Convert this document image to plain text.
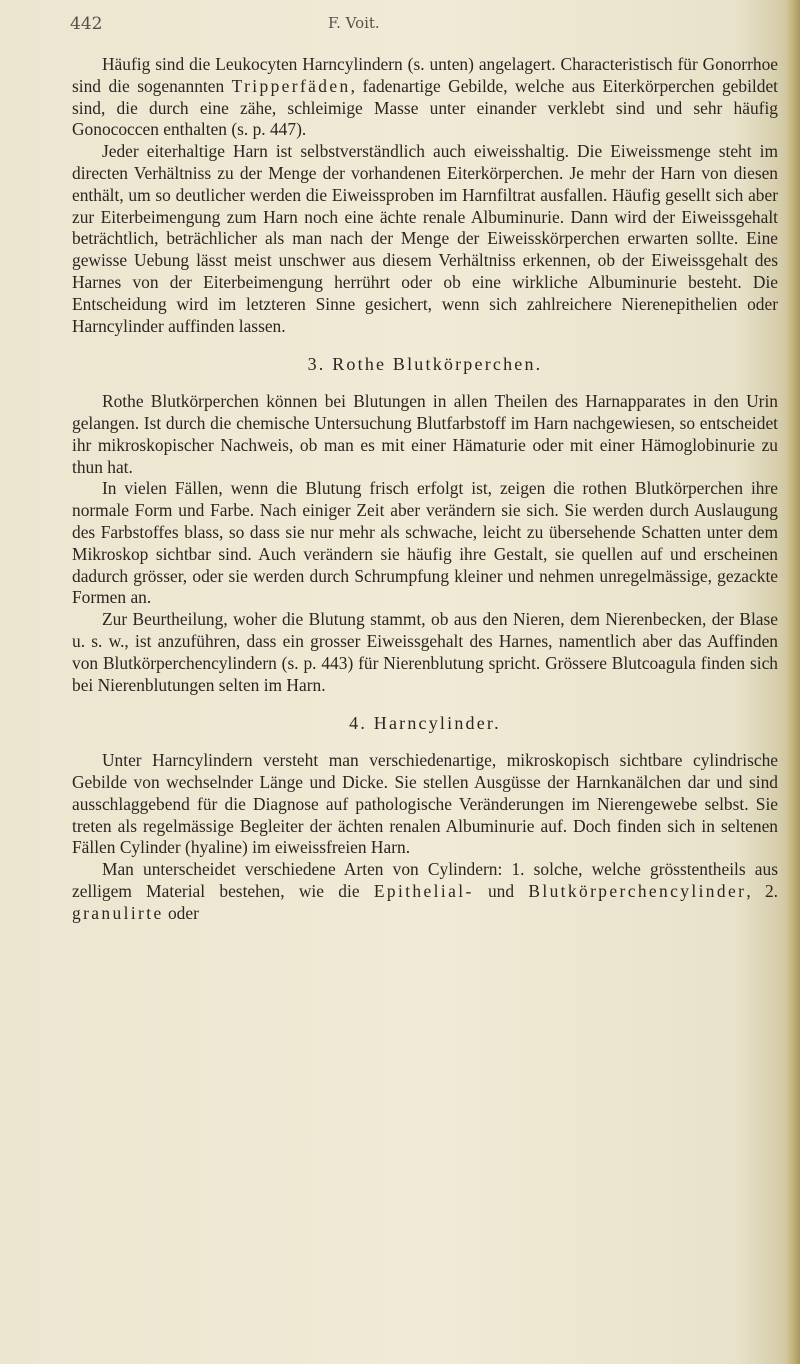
442	F. Voit.

Häufig sind die Leukocyten Harncylindern (s. unten) angelagert. Characteristisch für Gonorrhoe sind die sogenannten Tripperfäden, fadenartige Gebilde, welche aus Eiterkörperchen gebildet sind, die durch eine zähe, schleimige Masse unter einander verklebt sind und sehr häufig Gonococcen enthalten (s. p. 447).

Jeder eiterhaltige Harn ist selbstverständlich auch eiweisshaltig. Die Eiweissmenge steht im directen Verhältniss zu der Menge der vorhandenen Eiterkörperchen. Je mehr der Harn von diesen enthält, um so deutlicher werden die Eiweissproben im Harnfiltrat ausfallen. Häufig gesellt sich aber zur Eiterbeimengung zum Harn noch eine ächte renale Albuminurie. Dann wird der Eiweissgehalt beträchtlich, beträchlicher als man nach der Menge der Eiweisskörperchen erwarten sollte. Eine gewisse Uebung lässt meist unschwer aus diesem Verhältniss erkennen, ob der Eiweissgehalt des Harnes von der Eiterbeimengung herrührt oder ob eine wirkliche Albuminurie besteht. Die Entscheidung wird im letzteren Sinne gesichert, wenn sich zahlreichere Nierenepithelien oder Harncylinder auffinden lassen.

3. Rothe Blutkörperchen.

Rothe Blutkörperchen können bei Blutungen in allen Theilen des Harnapparates in den Urin gelangen. Ist durch die chemische Untersuchung Blutfarbstoff im Harn nachgewiesen, so entscheidet ihr mikroskopischer Nachweis, ob man es mit einer Hämaturie oder mit einer Hämoglobinurie zu thun hat.

In vielen Fällen, wenn die Blutung frisch erfolgt ist, zeigen die rothen Blutkörperchen ihre normale Form und Farbe. Nach einiger Zeit aber verändern sie sich. Sie werden durch Auslaugung des Farbstoffes blass, so dass sie nur mehr als schwache, leicht zu übersehende Schatten unter dem Mikroskop sichtbar sind. Auch verändern sie häufig ihre Gestalt, sie quellen auf und erscheinen dadurch grösser, oder sie werden durch Schrumpfung kleiner und nehmen unregelmässige, gezackte Formen an.

Zur Beurtheilung, woher die Blutung stammt, ob aus den Nieren, dem Nierenbecken, der Blase u. s. w., ist anzuführen, dass ein grosser Eiweissgehalt des Harnes, namentlich aber das Auffinden von Blutkörperchencylindern (s. p. 443) für Nierenblutung spricht. Grössere Blutcoagula finden sich bei Nierenblutungen selten im Harn.

4. Harncylinder.

Unter Harncylindern versteht man verschiedenartige, mikroskopisch sichtbare cylindrische Gebilde von wechselnder Länge und Dicke. Sie stellen Ausgüsse der Harnkanälchen dar und sind ausschlaggebend für die Diagnose auf pathologische Veränderungen im Nierengewebe selbst. Sie treten als regelmässige Begleiter der ächten renalen Albuminurie auf. Doch finden sich in seltenen Fällen Cylinder (hyaline) im eiweissfreien Harn.

Man unterscheidet verschiedene Arten von Cylindern: 1. solche, welche grösstentheils aus zelligem Material bestehen, wie die Epithelial- und Blutkörperchencylinder, 2. granulirte oder
